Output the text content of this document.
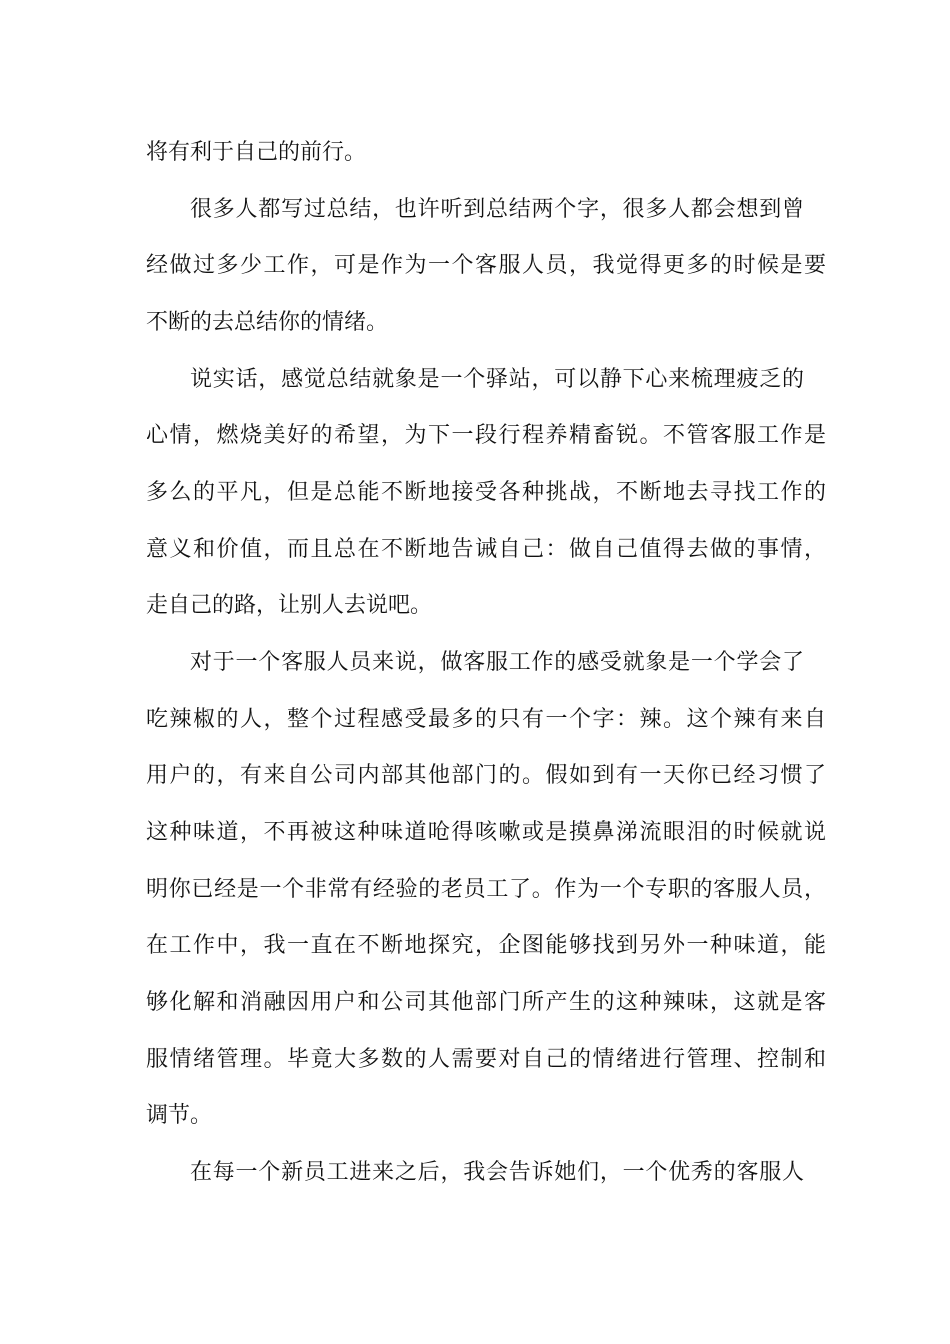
将有利于自己的前行。
很多人都写过总结，也许听到总结两个字，很多人都会想到曾
经做过多少工作，可是作为一个客服人员，我觉得更多的时候是要
不断的去总结你的情绪。
说实话，感觉总结就象是一个驿站，可以静下心来梳理疲乏的
心情，燃烧美好的希望，为下一段行程养精畜锐。不管客服工作是
多么的平凡，但是总能不断地接受各种挑战，不断地去寻找工作的
意义和价值，而且总在不断地告诫自己：做自己值得去做的事情，
走自己的路，让别人去说吧。
对于一个客服人员来说，做客服工作的感受就象是一个学会了
吃辣椒的人，整个过程感受最多的只有一个字：辣。这个辣有来自
用户的，有来自公司内部其他部门的。假如到有一天你已经习惯了
这种味道，不再被这种味道呛得咳嗽或是摸鼻涕流眼泪的时候就说
明你已经是一个非常有经验的老员工了。作为一个专职的客服人员，
在工作中，我一直在不断地探究，企图能够找到另外一种味道，能
够化解和消融因用户和公司其他部门所产生的这种辣味，这就是客
服情绪管理。毕竟大多数的人需要对自己的情绪进行管理、控制和
调节。
在每一个新员工进来之后，我会告诉她们，一个优秀的客服人
